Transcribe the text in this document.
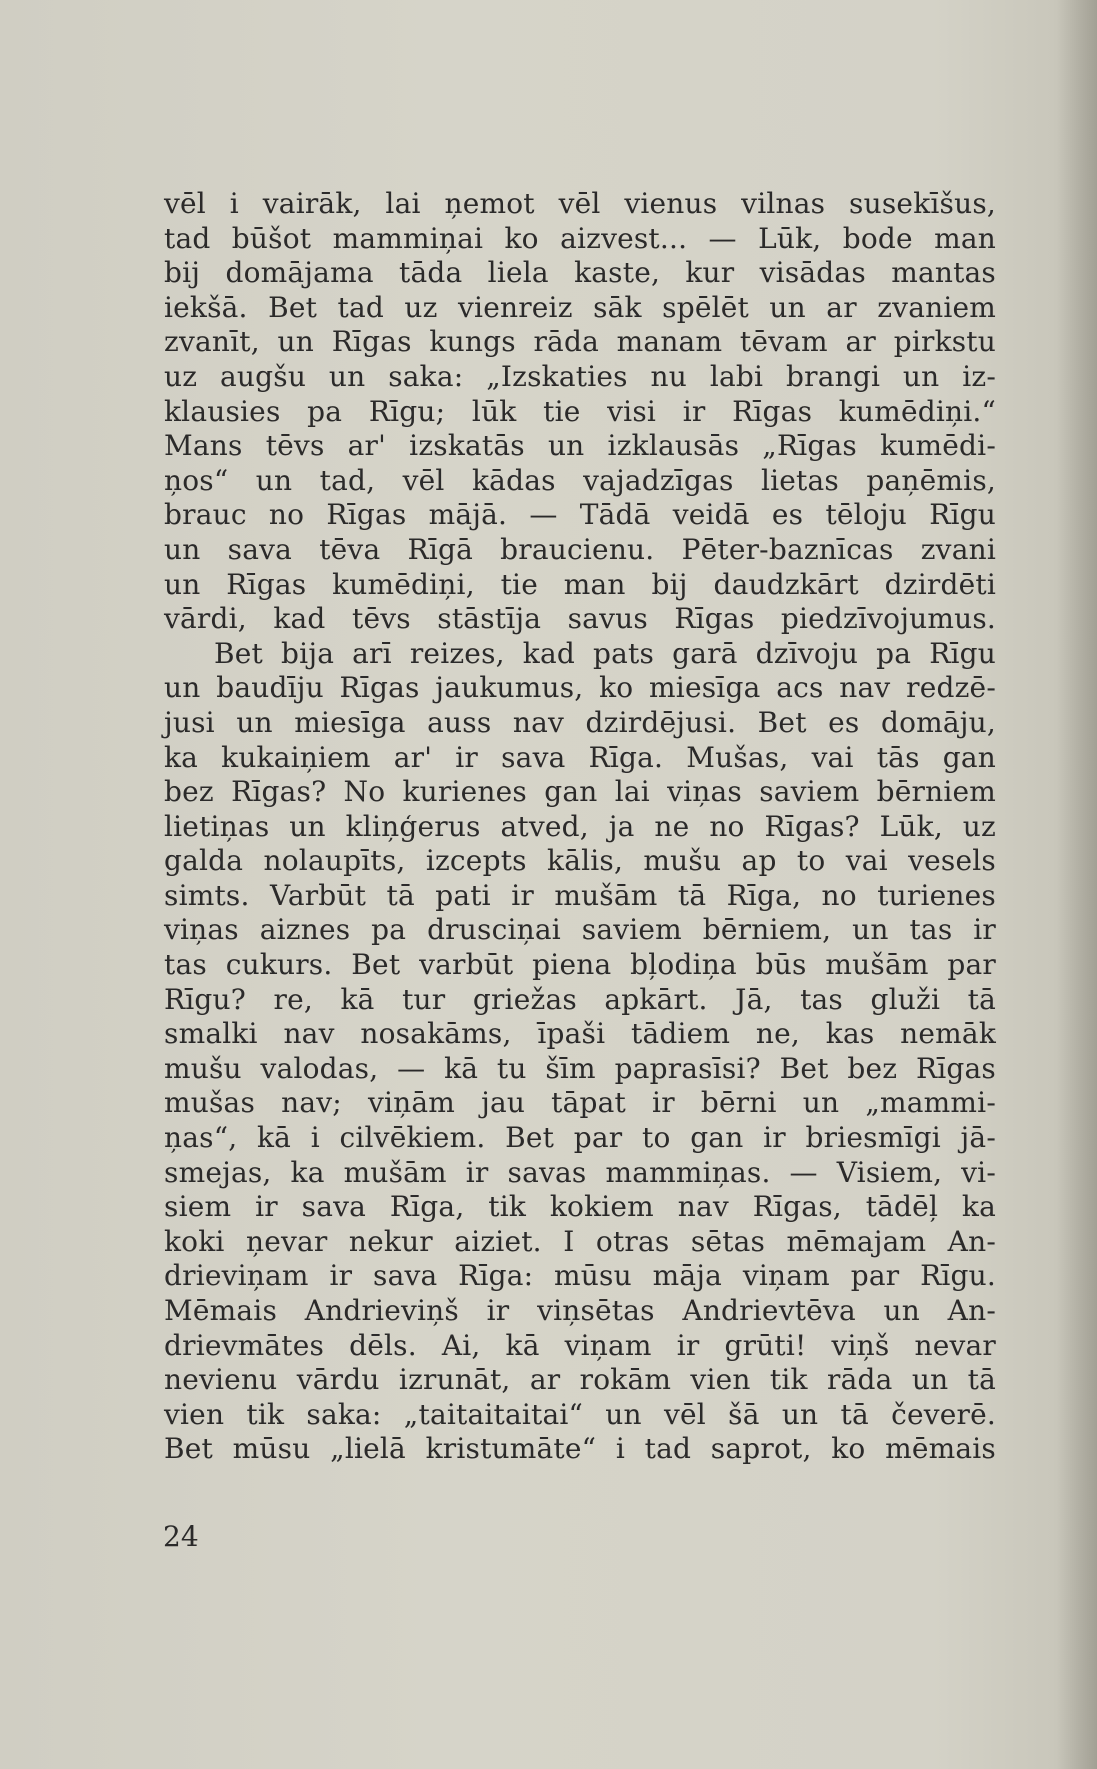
vēl i vairāk, lai ņemot vēl vienus vilnas susekīšus,
tad būšot mammiņai ko aizvest... — Lūk, bode man
bij domājama tāda liela kaste, kur visādas mantas
iekšā. Bet tad uz vienreiz sāk spēlēt un ar zvaniem
zvanīt, un Rīgas kungs rāda manam tēvam ar pirkstu
uz augšu un saka: „Izskaties nu labi brangi un iz-
klausies pa Rīgu; lūk tie visi ir Rīgas kumēdiņi.“
Mans tēvs ar' izskatās un izklausās „Rīgas kumēdi-
ņos“ un tad, vēl kādas vajadzīgas lietas paņēmis,
brauc no Rīgas mājā. — Tādā veidā es tēloju Rīgu
un sava tēva Rīgā braucienu. Pēter-baznīcas zvani
un Rīgas kumēdiņi, tie man bij daudzkārt dzirdēti
vārdi, kad tēvs stāstīja savus Rīgas piedzīvojumus.
Bet bija arī reizes, kad pats garā dzīvoju pa Rīgu
un baudīju Rīgas jaukumus, ko miesīga acs nav redzē-
jusi un miesīga auss nav dzirdējusi. Bet es domāju,
ka kukaiņiem ar' ir sava Rīga. Mušas, vai tās gan
bez Rīgas? No kurienes gan lai viņas saviem bērniem
lietiņas un kliņģerus atved, ja ne no Rīgas? Lūk, uz
galda nolaupīts, izcepts kālis, mušu ap to vai vesels
simts. Varbūt tā pati ir mušām tā Rīga, no turienes
viņas aiznes pa drusciņai saviem bērniem, un tas ir
tas cukurs. Bet varbūt piena bļodiņa būs mušām par
Rīgu? re, kā tur griežas apkārt. Jā, tas gluži tā
smalki nav nosakāms, īpaši tādiem ne, kas nemāk
mušu valodas, — kā tu šīm paprasīsi? Bet bez Rīgas
mušas nav; viņām jau tāpat ir bērni un „mammi-
ņas“, kā i cilvēkiem. Bet par to gan ir briesmīgi jā-
smejas, ka mušām ir savas mammiņas. — Visiem, vi-
siem ir sava Rīga, tik kokiem nav Rīgas, tādēļ ka
koki ņevar nekur aiziet. I otras sētas mēmajam An-
drieviņam ir sava Rīga: mūsu māja viņam par Rīgu.
Mēmais Andrieviņš ir viņsētas Andrievtēva un An-
drievmātes dēls. Ai, kā viņam ir grūti! viņš nevar
nevienu vārdu izrunāt, ar rokām vien tik rāda un tā
vien tik saka: „taitaitaitai“ un vēl šā un tā čeverē.
Bet mūsu „lielā kristumāte“ i tad saprot, ko mēmais
24
